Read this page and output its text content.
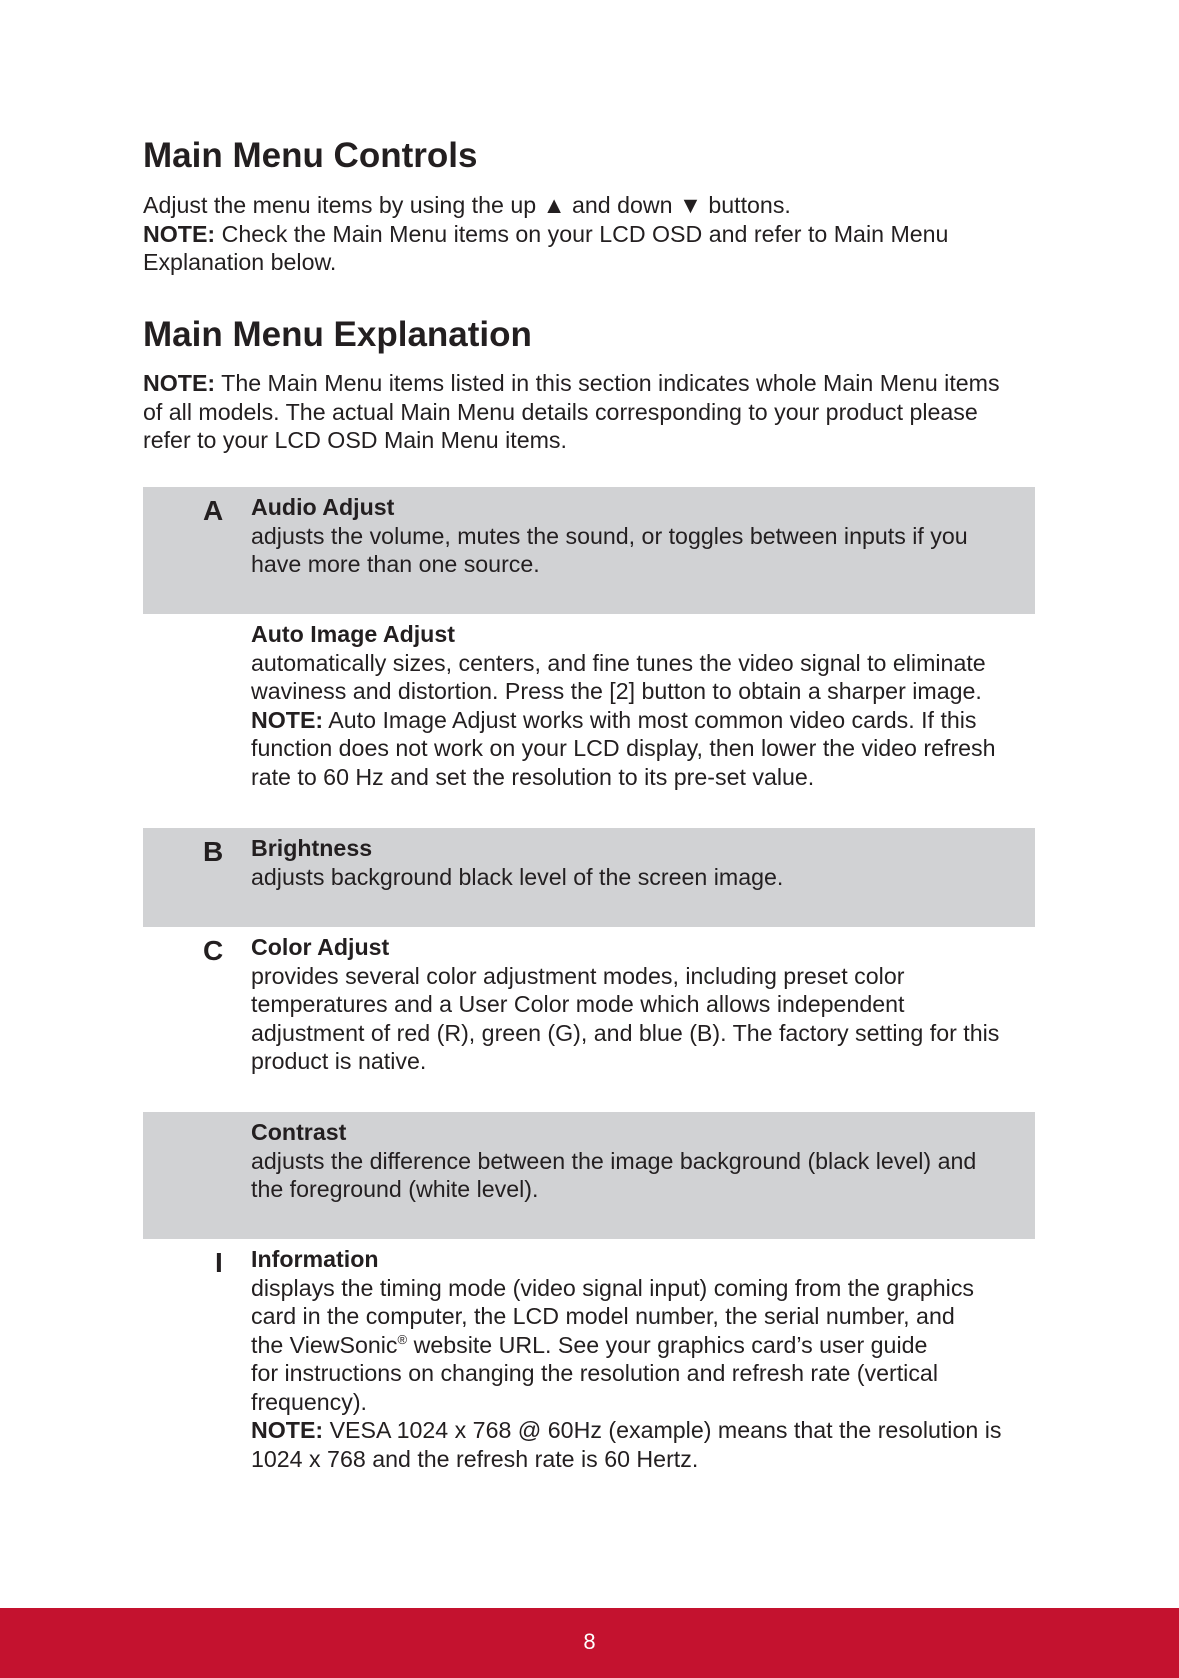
Main Menu Controls
Adjust the menu items by using the up ▲ and down ▼ buttons.
NOTE: Check the Main Menu items on your LCD OSD and refer to Main Menu
Explanation below.
Main Menu Explanation
NOTE: The Main Menu items listed in this section indicates whole Main Menu items
of all models. The actual Main Menu details corresponding to your product please
refer to your LCD OSD Main Menu items.
A	Audio Adjust
adjusts the volume, mutes the sound, or toggles between inputs if you
have more than one source.
Auto Image Adjust
automatically sizes, centers, and fine tunes the video signal to eliminate
waviness and distortion. Press the [2] button to obtain a sharper image.
NOTE: Auto Image Adjust works with most common video cards. If this
function does not work on your LCD display, then lower the video refresh
rate to 60 Hz and set the resolution to its pre-set value.
B	Brightness
adjusts background black level of the screen image.
C	Color Adjust
provides several color adjustment modes, including preset color
temperatures and a User Color mode which allows independent
adjustment of red (R), green (G), and blue (B). The factory setting for this
product is native.
Contrast
adjusts the difference between the image background (black level) and
the foreground (white level).
I	Information
displays the timing mode (video signal input) coming from the graphics
card in the computer, the LCD model number, the serial number, and
the ViewSonic® website URL. See your graphics card’s user guide
for instructions on changing the resolution and refresh rate (vertical
frequency).
NOTE: VESA 1024 x 768 @ 60Hz (example) means that the resolution is
1024 x 768 and the refresh rate is 60 Hertz.
8
